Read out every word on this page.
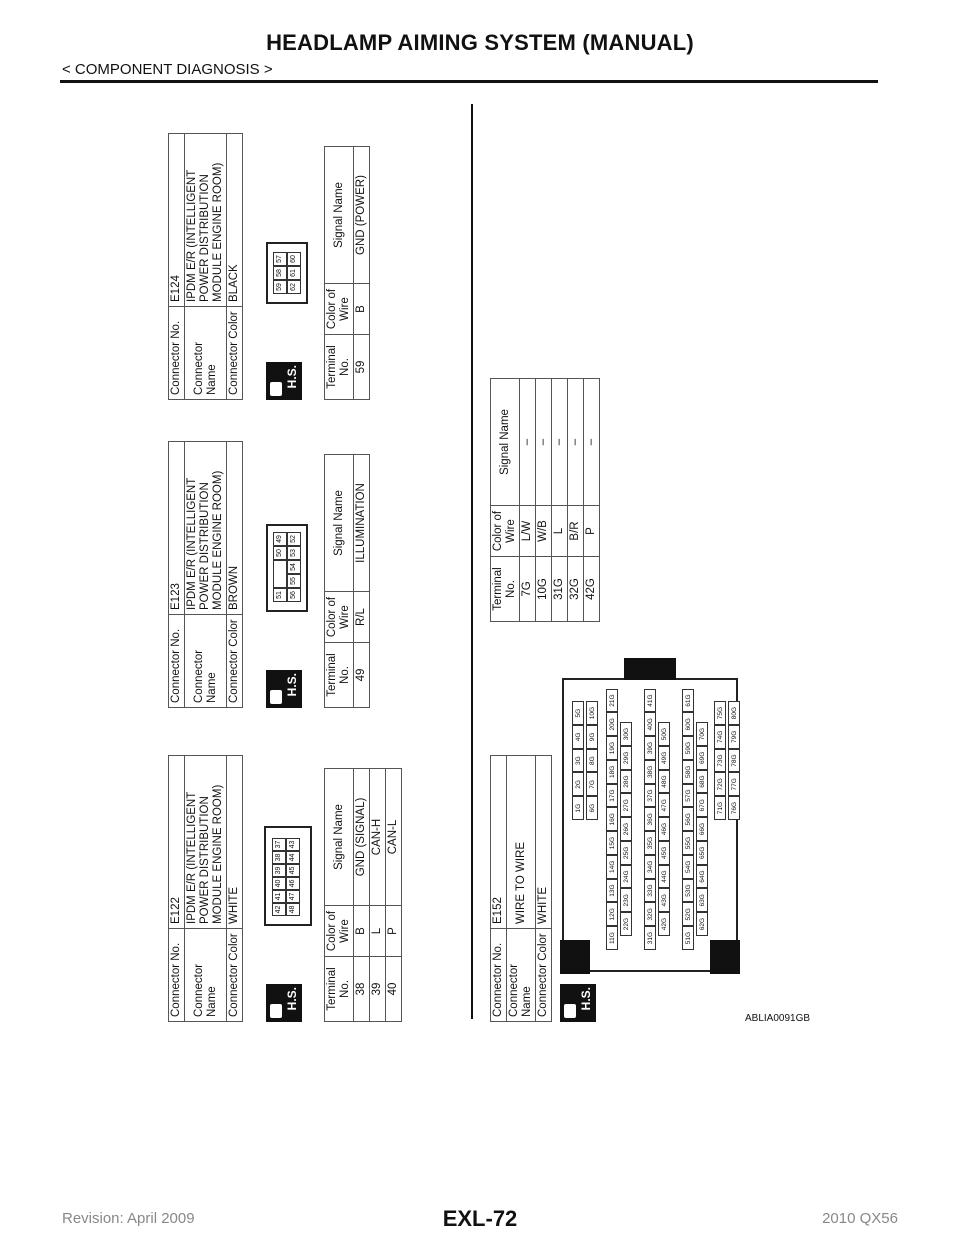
HEADLAMP AIMING SYSTEM (MANUAL)
< COMPONENT DIAGNOSIS >
Connector No.	E122
Connector Name	IPDM E/R (INTELLIGENT POWER DISTRIBUTION MODULE ENGINE ROOM)
Connector Color	WHITE
H.S.
42
41
40
39
38
37
48
47
46
45
44
43
Terminal No.	Color of Wire	Signal Name
38	B	GND (SIGNAL)
39	L	CAN-H
40	P	CAN-L
Connector No.	E123
Connector Name	IPDM E/R (INTELLIGENT POWER DISTRIBUTION MODULE ENGINE ROOM)
Connector Color	BROWN
H.S.
51
50
49
56
55
54
53
52
Terminal No.	Color of Wire	Signal Name
49	R/L	ILLUMINATION
Connector No.	E124
Connector Name	IPDM E/R (INTELLIGENT POWER DISTRIBUTION MODULE ENGINE ROOM)
Connector Color	BLACK
H.S.
59
58
57
62
61
60
Terminal No.	Color of Wire	Signal Name
59	B	GND (POWER)
Connector No.	E152
Connector Name	WIRE TO WIRE
Connector Color	WHITE
H.S.
1G
2G
3G
4G
5G
6G
7G
8G
9G
10G
11G
12G
13G
14G
15G
16G
17G
18G
19G
20G
21G
22G
23G
24G
25G
26G
27G
28G
29G
30G
31G
32G
33G
34G
35G
36G
37G
38G
39G
40G
41G
42G
43G
44G
45G
46G
47G
48G
49G
50G
51G
52G
53G
54G
55G
56G
57G
58G
59G
60G
61G
62G
63G
64G
65G
66G
67G
68G
69G
70G
71G
72G
73G
74G
75G
76G
77G
78G
79G
80G
Terminal No.	Color of Wire	Signal Name
7G	L/W	–
10G	W/B	–
31G	L	–
32G	B/R	–
42G	P	–
ABLIA0091GB
Revision: April 2009	EXL-72	2010 QX56
